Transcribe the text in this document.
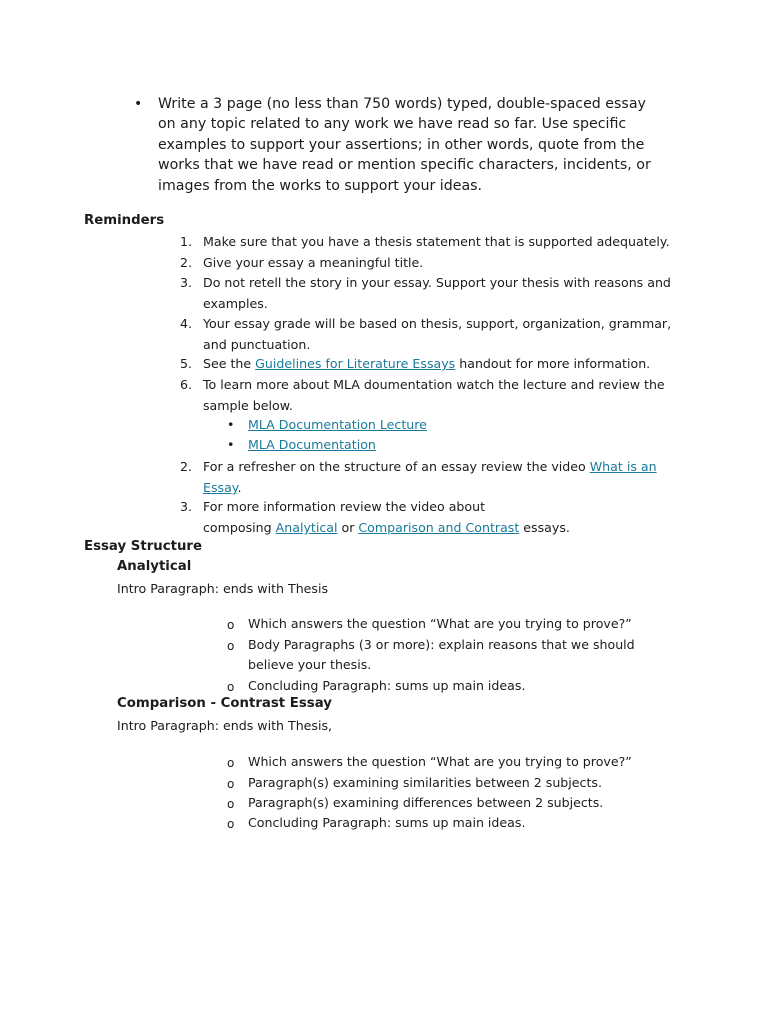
• Write a 3 page (no less than 750 words) typed, double-spaced essay
on any topic related to any work we have read so far. Use specific
examples to support your assertions; in other words, quote from the
works that we have read or mention specific characters, incidents, or
images from the works to support your ideas.
Reminders
1. Make sure that you have a thesis statement that is supported adequately.
2. Give your essay a meaningful title.
3. Do not retell the story in your essay. Support your thesis with reasons and
examples.
4. Your essay grade will be based on thesis, support, organization, grammar,
and punctuation.
5. See the Guidelines for Literature Essays handout for more information.
6. To learn more about MLA doumentation watch the lecture and review the
sample below.
• MLA Documentation Lecture
• MLA Documentation
2. For a refresher on the structure of an essay review the video What is an
Essay.
3. For more information review the video about
composing Analytical or Comparison and Contrast essays.
Essay Structure
Analytical
Intro Paragraph: ends with Thesis
o Which answers the question “What are you trying to prove?”
o Body Paragraphs (3 or more): explain reasons that we should
believe your thesis.
o Concluding Paragraph: sums up main ideas.
Comparison - Contrast Essay
Intro Paragraph: ends with Thesis,
o Which answers the question “What are you trying to prove?”
o Paragraph(s) examining similarities between 2 subjects.
o Paragraph(s) examining differences between 2 subjects.
o Concluding Paragraph: sums up main ideas.
